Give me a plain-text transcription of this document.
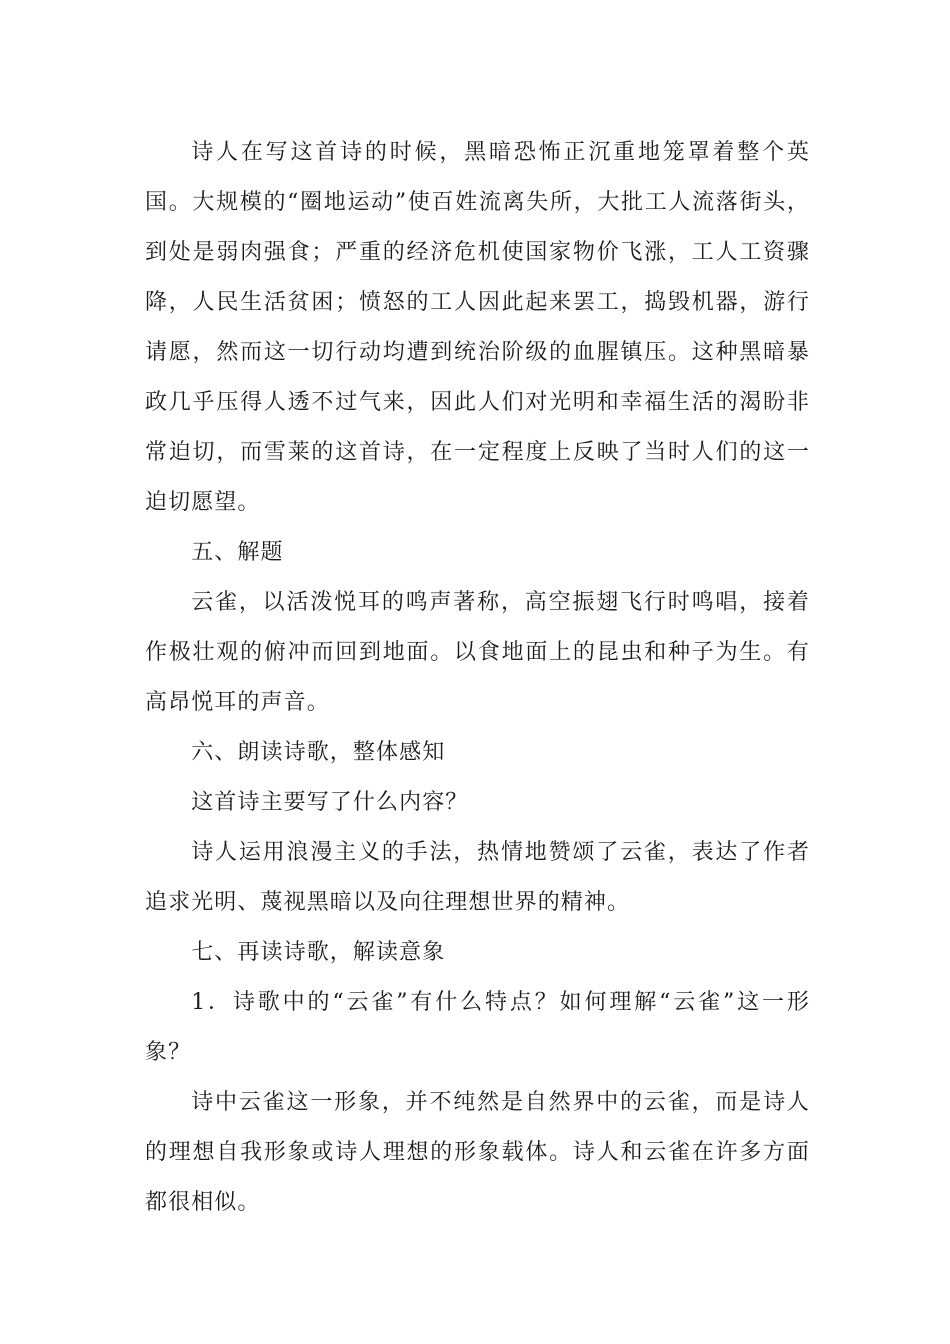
诗人在写这首诗的时候，黑暗恐怖正沉重地笼罩着整个英国。大规模的“圈地运动”使百姓流离失所，大批工人流落街头，到处是弱肉强食；严重的经济危机使国家物价飞涨，工人工资骤降，人民生活贫困；愤怒的工人因此起来罢工，捣毁机器，游行请愿，然而这一切行动均遭到统治阶级的血腥镇压。这种黑暗暴政几乎压得人透不过气来，因此人们对光明和幸福生活的渴盼非常迫切，而雪莱的这首诗，在一定程度上反映了当时人们的这一迫切愿望。

五、解题

云雀，以活泼悦耳的鸣声著称，高空振翅飞行时鸣唱，接着作极壮观的俯冲而回到地面。以食地面上的昆虫和种子为生。有高昂悦耳的声音。

六、朗读诗歌，整体感知

这首诗主要写了什么内容？

诗人运用浪漫主义的手法，热情地赞颂了云雀，表达了作者追求光明、蔑视黑暗以及向往理想世界的精神。

七、再读诗歌，解读意象

1．诗歌中的“云雀”有什么特点？如何理解“云雀”这一形象？

诗中云雀这一形象，并不纯然是自然界中的云雀，而是诗人的理想自我形象或诗人理想的形象载体。诗人和云雀在许多方面都很相似。
